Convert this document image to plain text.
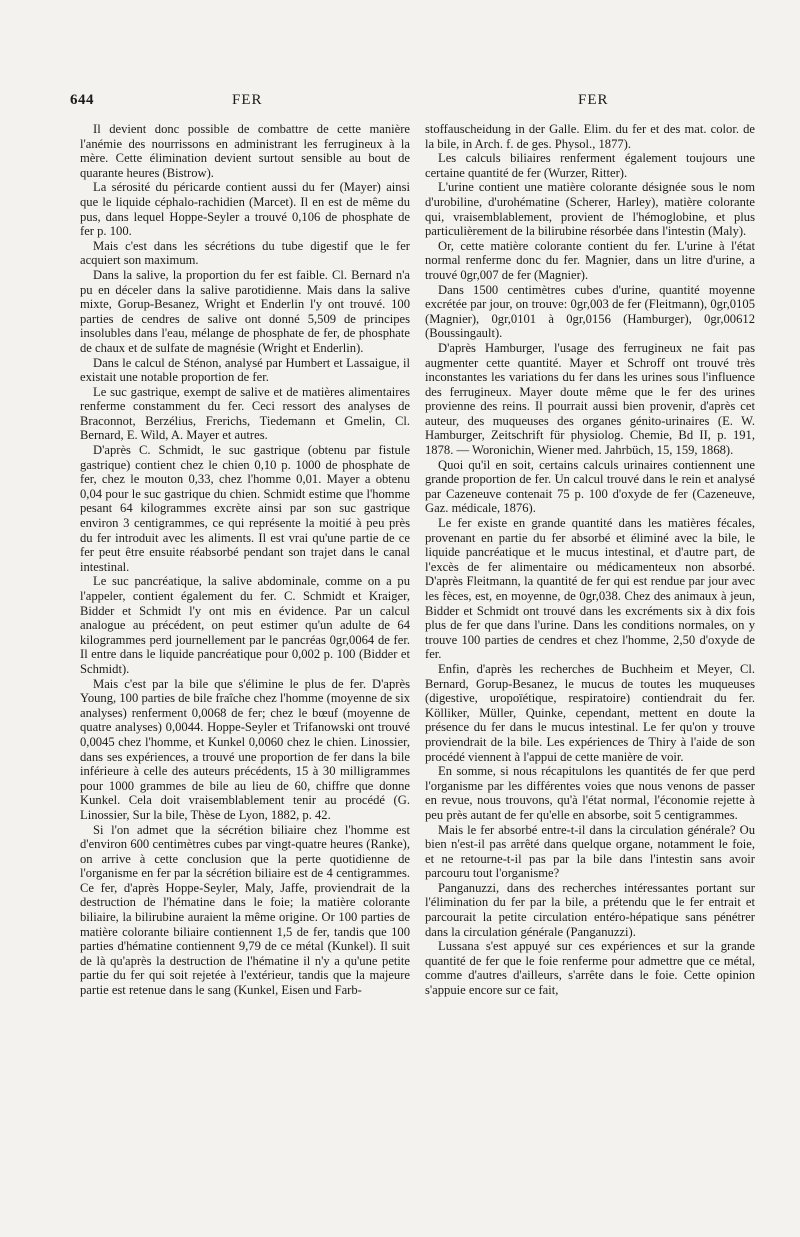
644	FER	FER

Il devient donc possible de combattre de cette manière l'anémie des nourrissons en administrant les ferrugineux à la mère. Cette élimination devient surtout sensible au bout de quarante heures (Bistrow).

La sérosité du péricarde contient aussi du fer (Mayer) ainsi que le liquide céphalo-rachidien (Marcet). Il en est de même du pus, dans lequel Hoppe-Seyler a trouvé 0,106 de phosphate de fer p. 100.

Mais c'est dans les sécrétions du tube digestif que le fer acquiert son maximum.

Dans la salive, la proportion du fer est faible. Cl. Bernard n'a pu en déceler dans la salive parotidienne. Mais dans la salive mixte, Gorup-Besanez, Wright et Enderlin l'y ont trouvé. 100 parties de cendres de salive ont donné 5,509 de principes insolubles dans l'eau, mélange de phosphate de fer, de phosphate de chaux et de sulfate de magnésie (Wright et Enderlin).

Dans le calcul de Sténon, analysé par Humbert et Lassaigue, il existait une notable proportion de fer.

Le suc gastrique, exempt de salive et de matières alimentaires renferme constamment du fer. Ceci ressort des analyses de Braconnot, Berzélius, Frerichs, Tiedemann et Gmelin, Cl. Bernard, E. Wild, A. Mayer et autres.

D'après C. Schmidt, le suc gastrique (obtenu par fistule gastrique) contient chez le chien 0,10 p. 1000 de phosphate de fer, chez le mouton 0,33, chez l'homme 0,01. Mayer a obtenu 0,04 pour le suc gastrique du chien. Schmidt estime que l'homme pesant 64 kilogrammes excrète ainsi par son suc gastrique environ 3 centigrammes, ce qui représente la moitié à peu près du fer introduit avec les aliments. Il est vrai qu'une partie de ce fer peut être ensuite réabsorbé pendant son trajet dans le canal intestinal.

Le suc pancréatique, la salive abdominale, comme on a pu l'appeler, contient également du fer. C. Schmidt et Kraiger, Bidder et Schmidt l'y ont mis en évidence. Par un calcul analogue au précédent, on peut estimer qu'un adulte de 64 kilogrammes perd journellement par le pancréas 0gr,0064 de fer. Il entre dans le liquide pancréatique pour 0,002 p. 100 (Bidder et Schmidt).

Mais c'est par la bile que s'élimine le plus de fer. D'après Young, 100 parties de bile fraîche chez l'homme (moyenne de six analyses) renferment 0,0068 de fer; chez le bœuf (moyenne de quatre analyses) 0,0044. Hoppe-Seyler et Trifanowski ont trouvé 0,0045 chez l'homme, et Kunkel 0,0060 chez le chien. Linossier, dans ses expériences, a trouvé une proportion de fer dans la bile inférieure à celle des auteurs précédents, 15 à 30 milligrammes pour 1000 grammes de bile au lieu de 60, chiffre que donne Kunkel. Cela doit vraisemblablement tenir au procédé (G. Linossier, Sur la bile, Thèse de Lyon, 1882, p. 42.

Si l'on admet que la sécrétion biliaire chez l'homme est d'environ 600 centimètres cubes par vingt-quatre heures (Ranke), on arrive à cette conclusion que la perte quotidienne de l'organisme en fer par la sécrétion biliaire est de 4 centigrammes. Ce fer, d'après Hoppe-Seyler, Maly, Jaffe, proviendrait de la destruction de l'hématine dans le foie; la matière colorante biliaire, la bilirubine auraient la même origine. Or 100 parties de matière colorante biliaire contiennent 1,5 de fer, tandis que 100 parties d'hématine contiennent 9,79 de ce métal (Kunkel). Il suit de là qu'après la destruction de l'hématine il n'y a qu'une petite partie du fer qui soit rejetée à l'extérieur, tandis que la majeure partie est retenue dans le sang (Kunkel, Eisen und Farb-

stoffauscheidung in der Galle. Elim. du fer et des mat. color. de la bile, in Arch. f. de ges. Physol., 1877).

Les calculs biliaires renferment également toujours une certaine quantité de fer (Wurzer, Ritter).

L'urine contient une matière colorante désignée sous le nom d'urobiline, d'urohématine (Scherer, Harley), matière colorante qui, vraisemblablement, provient de l'hémoglobine, et plus particulièrement de la bilirubine résorbée dans l'intestin (Maly).

Or, cette matière colorante contient du fer. L'urine à l'état normal renferme donc du fer. Magnier, dans un litre d'urine, a trouvé 0gr,007 de fer (Magnier).

Dans 1500 centimètres cubes d'urine, quantité moyenne excrétée par jour, on trouve: 0gr,003 de fer (Fleitmann), 0gr,0105 (Magnier), 0gr,0101 à 0gr,0156 (Hamburger), 0gr,00612 (Boussingault).

D'après Hamburger, l'usage des ferrugineux ne fait pas augmenter cette quantité. Mayer et Schroff ont trouvé très inconstantes les variations du fer dans les urines sous l'influence des ferrugineux. Mayer doute même que le fer des urines provienne des reins. Il pourrait aussi bien provenir, d'après cet auteur, des muqueuses des organes génito-urinaires (E. W. Hamburger, Zeitschrift für physiolog. Chemie, Bd II, p. 191, 1878. — Woronichin, Wiener med. Jahrbüch, 15, 159, 1868).

Quoi qu'il en soit, certains calculs urinaires contiennent une grande proportion de fer. Un calcul trouvé dans le rein et analysé par Cazeneuve contenait 75 p. 100 d'oxyde de fer (Cazeneuve, Gaz. médicale, 1876).

Le fer existe en grande quantité dans les matières fécales, provenant en partie du fer absorbé et éliminé avec la bile, le liquide pancréatique et le mucus intestinal, et d'autre part, de l'excès de fer alimentaire ou médicamenteux non absorbé. D'après Fleitmann, la quantité de fer qui est rendue par jour avec les fèces, est, en moyenne, de 0gr,038. Chez des animaux à jeun, Bidder et Schmidt ont trouvé dans les excréments six à dix fois plus de fer que dans l'urine. Dans les conditions normales, on y trouve 100 parties de cendres et chez l'homme, 2,50 d'oxyde de fer.

Enfin, d'après les recherches de Buchheim et Meyer, Cl. Bernard, Gorup-Besanez, le mucus de toutes les muqueuses (digestive, uropoïétique, respiratoire) contiendrait du fer. Kölliker, Müller, Quinke, cependant, mettent en doute la présence du fer dans le mucus intestinal. Le fer qu'on y trouve proviendrait de la bile. Les expériences de Thiry à l'aide de son procédé viennent à l'appui de cette manière de voir.

En somme, si nous récapitulons les quantités de fer que perd l'organisme par les différentes voies que nous venons de passer en revue, nous trouvons, qu'à l'état normal, l'économie rejette à peu près autant de fer qu'elle en absorbe, soit 5 centigrammes.

Mais le fer absorbé entre-t-il dans la circulation générale? Ou bien n'est-il pas arrêté dans quelque organe, notamment le foie, et ne retourne-t-il pas par la bile dans l'intestin sans avoir parcouru tout l'organisme?

Panganuzzi, dans des recherches intéressantes portant sur l'élimination du fer par la bile, a prétendu que le fer entrait et parcourait la petite circulation entéro-hépatique sans pénétrer dans la circulation générale (Panganuzzi).

Lussana s'est appuyé sur ces expériences et sur la grande quantité de fer que le foie renferme pour admettre que ce métal, comme d'autres d'ailleurs, s'arrête dans le foie. Cette opinion s'appuie encore sur ce fait,
